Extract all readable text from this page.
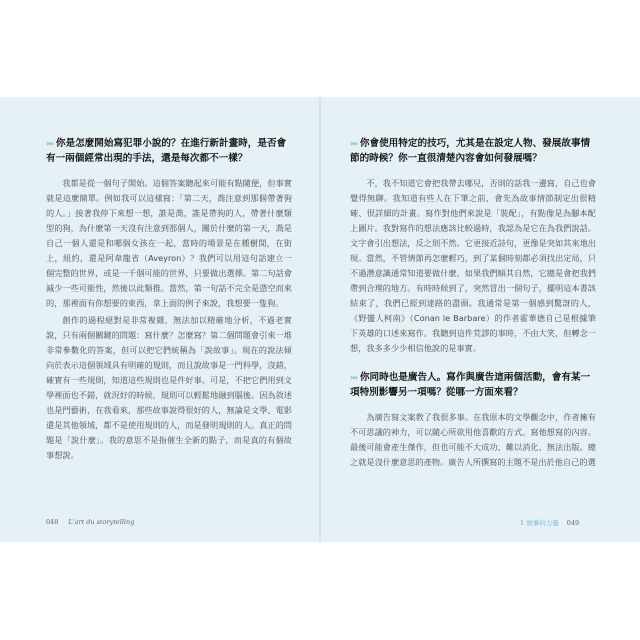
››› 你是怎麼開始寫犯罪小說的？在進行新計畫時，是否會有一兩個經常出現的手法，還是每次都不一樣？

我都是從一個句子開始。這個答案聽起來可能有點隨便，但事實就是這麼簡單。例如我可以這樣寫：「第二天，喬注意到那個帶著狗的人。」接著我停下來想一想，誰是喬，誰是帶狗的人，帶著什麼類型的狗，為什麼第一天沒有注意到那個人，關於什麼的第一天，喬是自己一個人還是和哪個女孩在一起，當時的場景是在種樹間，在街上，紐約，還是阿韋龍省（Aveyron）？我們可以用這句話建立一個完整的世界，或是一千個可能的世界，只要做出選擇。第二句話會減少一些可能性，然後以此類推。當然，第一句話不完全是憑空而來的，那裡面有你想要的東西，拿上面的例子來說，我想要一隻狗。

創作的過程絕對是非常複雜，無法加以精確地分析，不過老實說，只有兩個關鍵的問題：寫什麼？怎麼寫？第二個問題會引來一堆非常參數化的答案，但可以把它們統稱為「說故事」。現在的說法傾向於表示這個領域具有明確的規則，而且說故事是一門科學，沒錯，確實有一些規則，知道這些規則也是件好事。可是，不把它們用到文學裡面也不錯，就況好的時候，規則可以輕鬆地融到腦後。因為敘述也是門藝術，在我看來，那些故事說得很好的人，無論是文學、電影還是其他領域，都不是使用規則的人，而是發明規則的人。真正的問題是「說什麼」。我的意思不是指催生全新的點子，而是真的有個故事想說。

››› 你會使用特定的技巧，尤其是在設定人物、發展故事情節的時候？你一直很清楚內容會如何發展嗎？

不，我不知道它會把我帶去哪兒，否則的話我一邊寫，自己也會覺得無聊。我知道有些人在下筆之前，會先為故事情節制定出很精確、很詳細的計畫。寫作對他們來說是「裝配」，有點像是為腳本配上圖片。我對寫作的想法應該比較過時，我認為是它在為我們說話。文字會引出想法，反之則不然。它更接近詩句，更像是突如其來地出現。當然，不管情節再怎麼輕巧，到了某個時刻都必須找出定局，只不過潛意識通常知道要做什麼，如果我們順其自然，它總是會把我們帶到合理的地方。有時時候到了，突然冒出一個句子，擺明這本書該結束了，我們已經到達路的盡頭。我通常是第一個感到驚訝的人，《野蠻人柯南》（Conan le Barbare）的作者霍華德自己是根據筆下英雄的口述來寫作。我聽到這件荒謬的事時，不由大笑，但轉念一想，我多多少少相信他說的是事實。

››› 你同時也是廣告人。寫作與廣告這兩個活動，會有某一項特別影響另一項嗎？從哪一方面來看？

為廣告寫文案教了我很多事。在我原本的文學觀念中，作者擁有不可思議的神力，可以隨心所欲用他喜歡的方式、寫他想寫的內容。最後可能會產生傑作，但也可能不大成功、難以消化、無法出版。總之就是沒什麼意思的產物。廣告人所撰寫的主題不是出於他自己的選

048 L'art du storytelling	1 故事的力量 049
